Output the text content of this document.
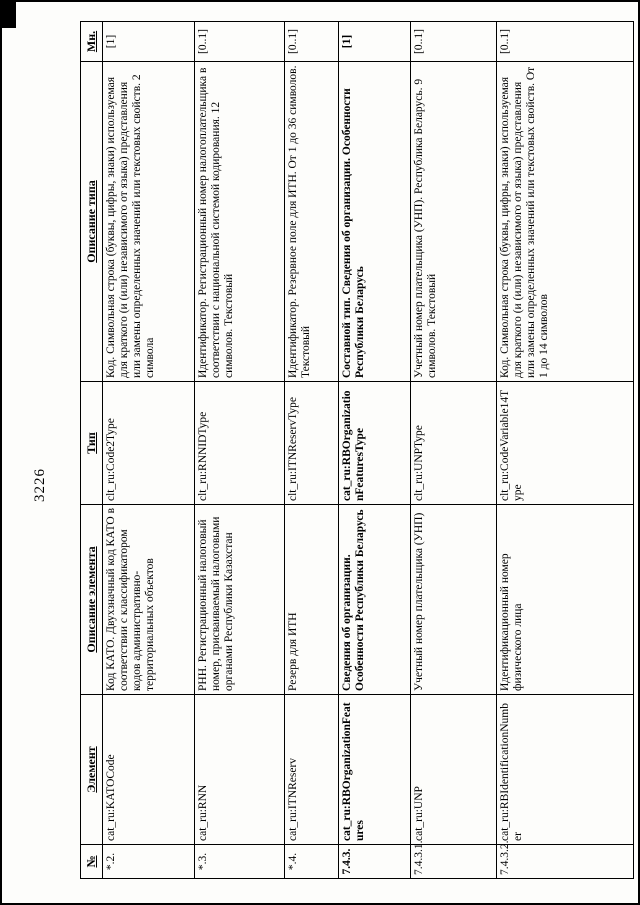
3226
№	Элемент	Описание элемента	Тип	Описание типа	Мн.
*.2.	cat_ru:KATOCode	Код КАТО. Двухзначный код КАТО в соответствии с классификатором кодов административно-территориальных объектов	clt_ru:Code2Type	Код. Символьная строка (буквы, цифры, знаки) используемая для краткого (и (или) независимого от языка) представления или замены определенных значений или текстовых свойств. 2 символа	[1]
*.3.	cat_ru:RNN	РНН. Регистрационный налоговый номер, присваиваемый налоговыми органами Республики Казахстан	clt_ru:RNNIDType	Идентификатор. Регистрационный номер налогоплательщика в соответствии с национальной системой кодирования. 12 символов. Текстовый	[0..1]
*.4.	cat_ru:ITNReserv	Резерв для ИТН	clt_ru:ITNReservType	Идентификатор. Резервное поле для ИТН. От 1 до 36 символов. Текстовый	[0..1]
7.4.3.	cat_ru:RBOrganizationFeatures	Сведения об организации. Особенности Республики Беларусь	cat_ru:RBOrganizationFeaturesType	Составной тип. Сведения об организации. Особенности Республики Беларусь	[1]
7.4.3.1.	cat_ru:UNP	Учетный номер плательщика (УНП)	clt_ru:UNPType	Учетный номер плательщика (УНП). Республика Беларусь. 9 символов. Текстовый	[0..1]
7.4.3.2.	cat_ru:RBIdentificationNumber	Идентификационный номер физического лица	clt_ru:CodeVariable14Type	Код. Символьная строка (буквы, цифры, знаки) используемая для краткого (и (или) независимого от языка) представления или замены определенных значений или текстовых свойств. От 1 до 14 символов	[0..1]
